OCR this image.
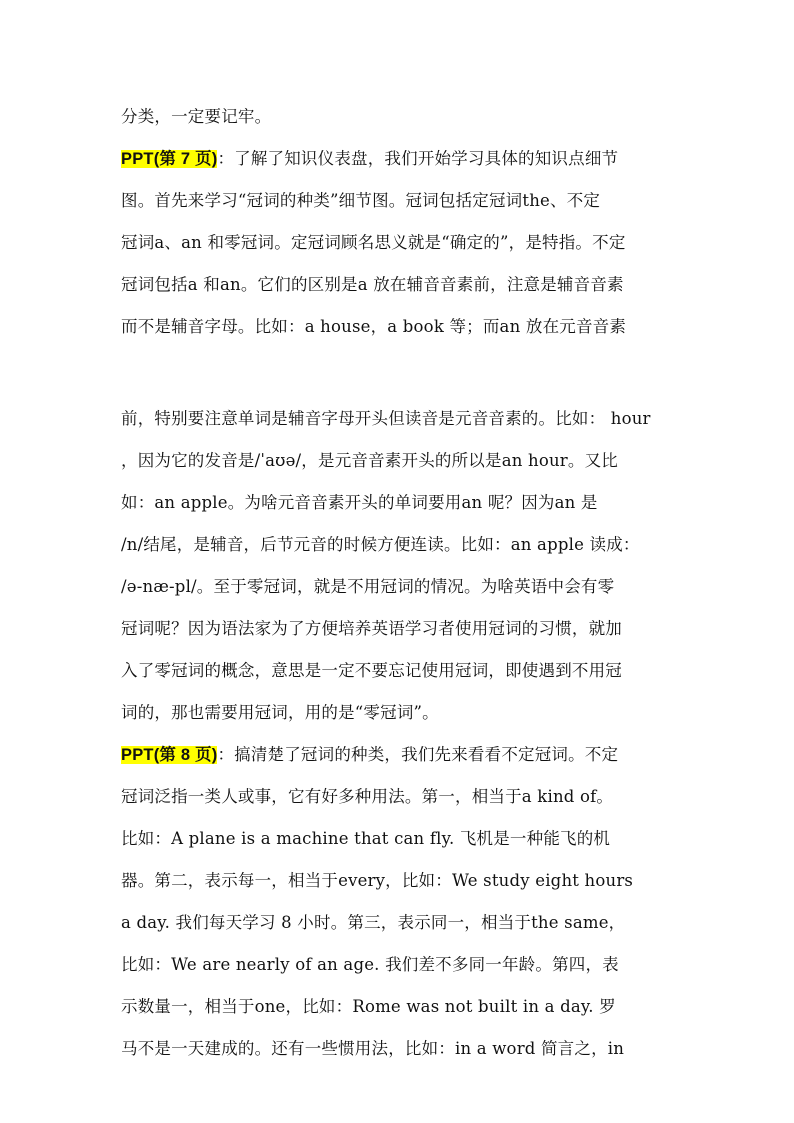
分类，一定要记牢。
PPT(第 7 页)：了解了知识仪表盘，我们开始学习具体的知识点细节
图。首先来学习“冠词的种类”细节图。冠词包括定冠词the、不定
冠词a、an 和零冠词。定冠词顾名思义就是“确定的”，是特指。不定
冠词包括a 和an。它们的区别是a 放在辅音音素前，注意是辅音音素
而不是辅音字母。比如：a house，a book 等；而an 放在元音音素
前，特别要注意单词是辅音字母开头但读音是元音音素的。比如： hour
，因为它的发音是/ˈaʊə/，是元音音素开头的所以是an hour。又比
如：an apple。为啥元音音素开头的单词要用an 呢？因为an 是
/n/结尾，是辅音，后节元音的时候方便连读。比如：an apple 读成：
/ə-næ-pl/。至于零冠词，就是不用冠词的情况。为啥英语中会有零
冠词呢？因为语法家为了方便培养英语学习者使用冠词的习惯，就加
入了零冠词的概念，意思是一定不要忘记使用冠词，即使遇到不用冠
词的，那也需要用冠词，用的是“零冠词”。
PPT(第 8 页)：搞清楚了冠词的种类，我们先来看看不定冠词。不定
冠词泛指一类人或事，它有好多种用法。第一，相当于a kind of。
比如：A plane is a machine that can fly. 飞机是一种能飞的机
器。第二，表示每一，相当于every，比如：We study eight hours
a day. 我们每天学习 8 小时。第三，表示同一，相当于the same，
比如：We are nearly of an age. 我们差不多同一年龄。第四，表
示数量一，相当于one，比如：Rome was not built in a day. 罗
马不是一天建成的。还有一些惯用法，比如：in a word 简言之，in
